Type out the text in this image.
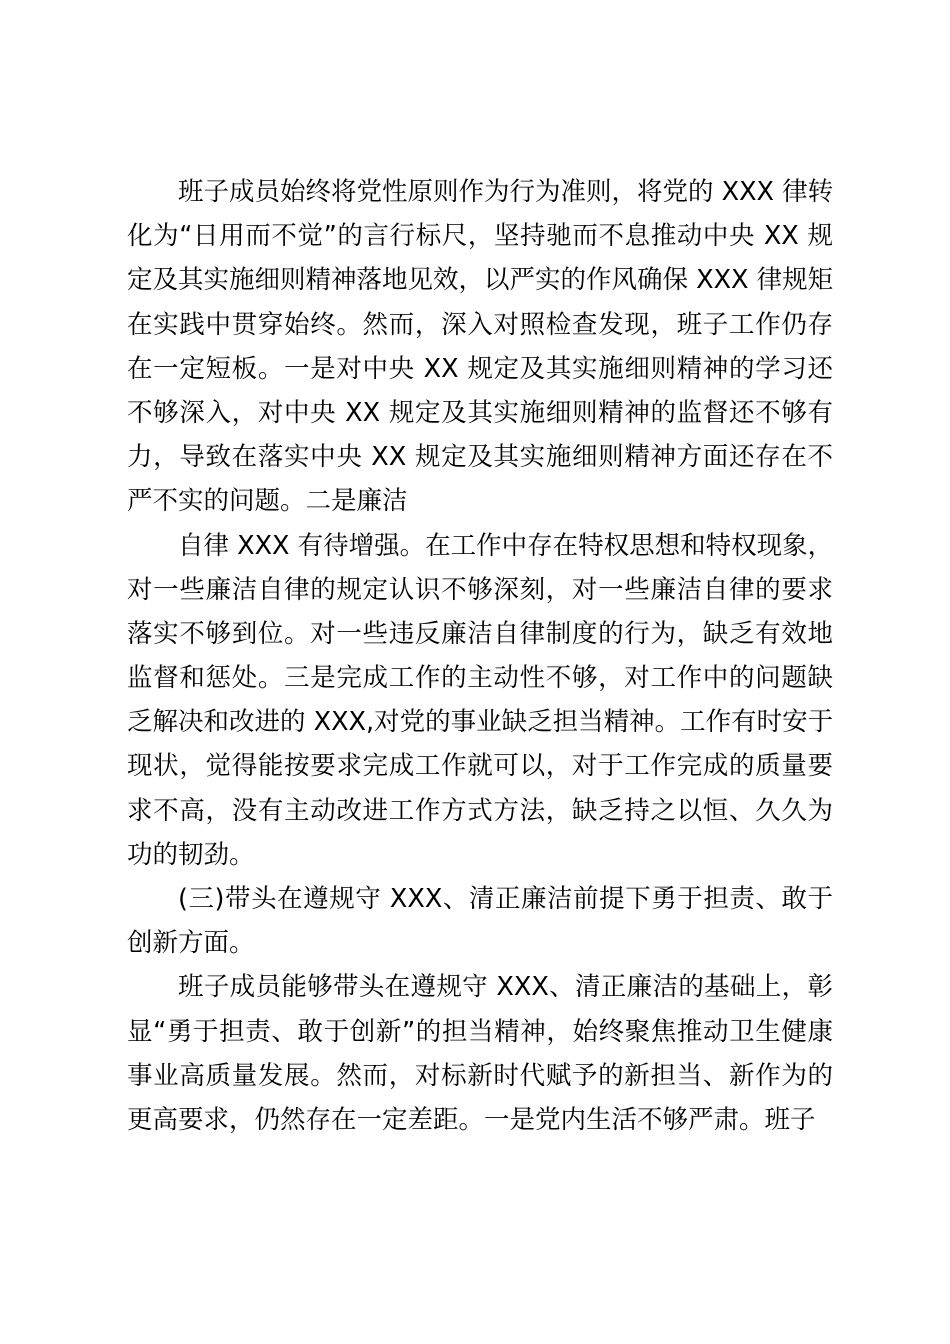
班子成员始终将党性原则作为行为准则，将党的 XXX 律转
化为“日用而不觉”的言行标尺，坚持驰而不息推动中央 XX 规
定及其实施细则精神落地见效，以严实的作风确保 XXX 律规矩
在实践中贯穿始终。然而，深入对照检查发现，班子工作仍存
在一定短板。一是对中央 XX 规定及其实施细则精神的学习还
不够深入，对中央 XX 规定及其实施细则精神的监督还不够有
力，导致在落实中央 XX 规定及其实施细则精神方面还存在不
严不实的问题。二是廉洁
自律 XXX 有待增强。在工作中存在特权思想和特权现象，
对一些廉洁自律的规定认识不够深刻，对一些廉洁自律的要求
落实不够到位。对一些违反廉洁自律制度的行为，缺乏有效地
监督和惩处。三是完成工作的主动性不够，对工作中的问题缺
乏解决和改进的 XXX,对党的事业缺乏担当精神。工作有时安于
现状，觉得能按要求完成工作就可以，对于工作完成的质量要
求不高，没有主动改进工作方式方法，缺乏持之以恒、久久为
功的韧劲。
(三)带头在遵规守 XXX、清正廉洁前提下勇于担责、敢于
创新方面。
班子成员能够带头在遵规守 XXX、清正廉洁的基础上，彰
显“勇于担责、敢于创新”的担当精神，始终聚焦推动卫生健康
事业高质量发展。然而，对标新时代赋予的新担当、新作为的
更高要求，仍然存在一定差距。一是党内生活不够严肃。班子
